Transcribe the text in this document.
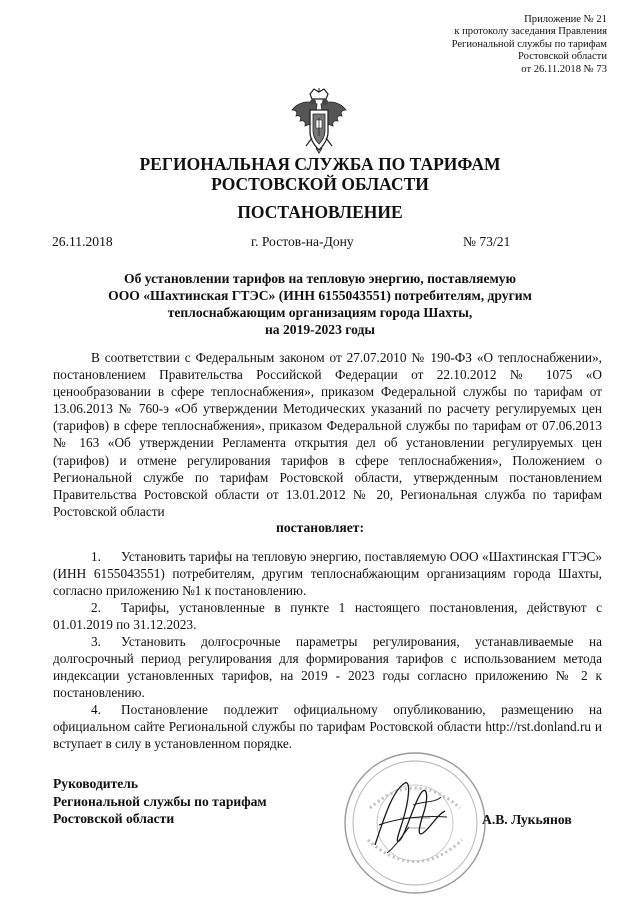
Приложение № 21
к протоколу заседания Правления
Региональной службы по тарифам
Ростовской области
от 26.11.2018 № 73
РЕГИОНАЛЬНАЯ СЛУЖБА ПО ТАРИФАМ
РОСТОВСКОЙ ОБЛАСТИ
ПОСТАНОВЛЕНИЕ
26.11.2018	г. Ростов-на-Дону	№ 73/21
Об установлении тарифов на тепловую энергию, поставляемую
ООО «Шахтинская ГТЭС» (ИНН 6155043551) потребителям, другим
теплоснабжающим организациям города Шахты,
на 2019-2023 годы

В соответствии с Федеральным законом от 27.07.2010 № 190-ФЗ «О теплоснабжении», постановлением Правительства Российской Федерации от 22.10.2012 № 1075 «О ценообразовании в сфере теплоснабжения», приказом Федеральной службы по тарифам от 13.06.2013 № 760-э «Об утверждении Методических указаний по расчету регулируемых цен (тарифов) в сфере теплоснабжения», приказом Федеральной службы по тарифам от 07.06.2013 № 163 «Об утверждении Регламента открытия дел об установлении регулируемых цен (тарифов) и отмене регулирования тарифов в сфере теплоснабжения», Положением о Региональной службе по тарифам Ростовской области, утвержденным постановлением Правительства Ростовской области от 13.01.2012 № 20, Региональная служба по тарифам Ростовской области

постановляет:

1. Установить тарифы на тепловую энергию, поставляемую ООО «Шахтинская ГТЭС» (ИНН 6155043551) потребителям, другим теплоснабжающим организациям города Шахты, согласно приложению №1 к постановлению.

2. Тарифы, установленные в пункте 1 настоящего постановления, действуют с 01.01.2019 по 31.12.2023.

3. Установить долгосрочные параметры регулирования, устанавливаемые на долгосрочный период регулирования для формирования тарифов с использованием метода индексации установленных тарифов, на 2019 - 2023 годы согласно приложению № 2 к постановлению.

4. Постановление подлежит официальному опубликованию, размещению на официальном сайте Региональной службы по тарифам Ростовской области http://rst.donland.ru и вступает в силу в установленном порядке.

Руководитель
Региональной службы по тарифам
Ростовской области	А.В. Лукьянов
